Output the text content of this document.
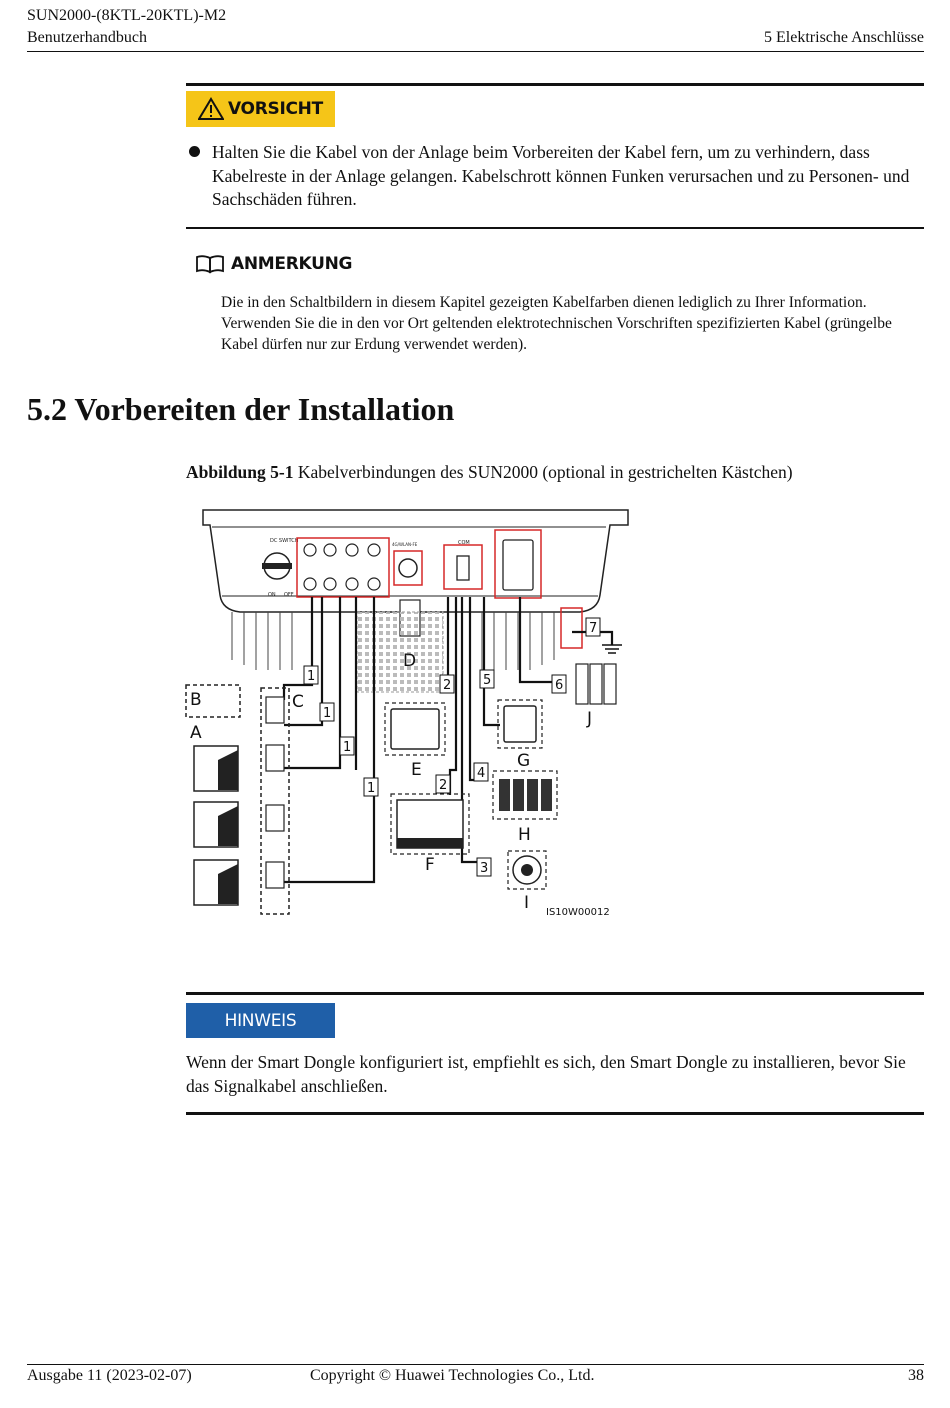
SUN2000-(8KTL-20KTL)-M2
Benutzerhandbuch	5 Elektrische Anschlüsse
VORSICHT
Halten Sie die Kabel von der Anlage beim Vorbereiten der Kabel fern, um zu verhindern, dass Kabelreste in der Anlage gelangen. Kabelschrott können Funken verursachen und zu Personen- und Sachschäden führen.
ANMERKUNG
Die in den Schaltbildern in diesem Kapitel gezeigten Kabelfarben dienen lediglich zu Ihrer Information. Verwenden Sie die in den vor Ort geltenden elektrotechnischen Vorschriften spezifizierten Kabel (grüngelbe Kabel dürfen nur zur Erdung verwendet werden).
5.2 Vorbereiten der Installation
Abbildung 5-1 Kabelverbindungen des SUN2000 (optional in gestrichelten Kästchen)
DC SWITCH
ON OFF
4G/WLAN-FE	COM
1
1
1
1
2
2
3
4
5	6
7
A
B	C
D
E
F
G
H
I
J
IS10W00012
HINWEIS
Wenn der Smart Dongle konfiguriert ist, empfiehlt es sich, den Smart Dongle zu installieren, bevor Sie das Signalkabel anschließen.
Ausgabe 11 (2023-02-07)	Copyright © Huawei Technologies Co., Ltd.	38
